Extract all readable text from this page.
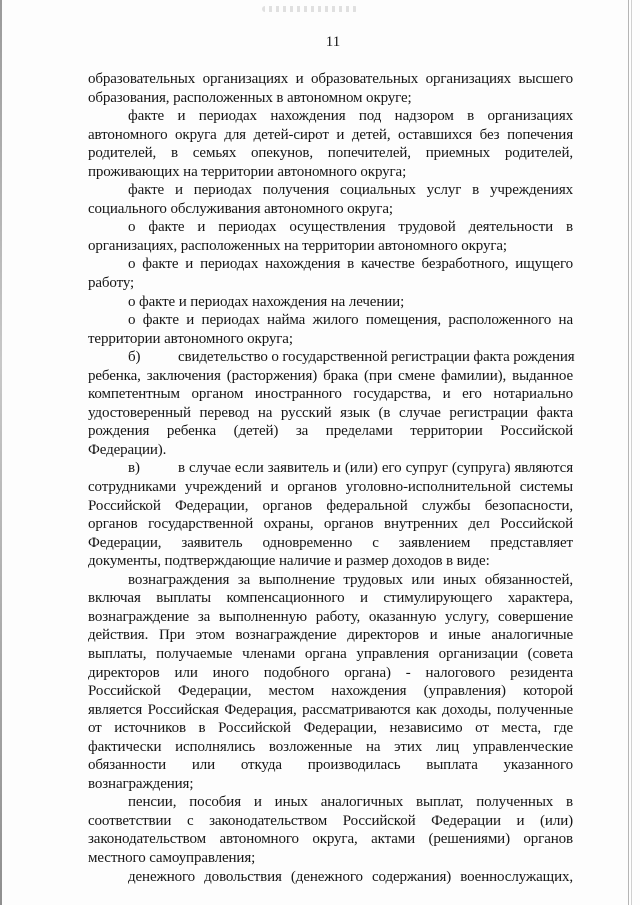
11
образовательных организациях и образовательных организациях высшего
образования, расположенных в автономном округе;
факте и периодах нахождения под надзором в организациях
автономного округа для детей-сирот и детей, оставшихся без попечения
родителей, в семьях опекунов, попечителей, приемных родителей,
проживающих на территории автономного округа;
факте и периодах получения социальных услуг в учреждениях
социального обслуживания автономного округа;
о факте и периодах осуществления трудовой деятельности в
организациях, расположенных на территории автономного округа;
о факте и периодах нахождения в качестве безработного, ищущего
работу;
о факте и периодах нахождения на лечении;
о факте и периодах найма жилого помещения, расположенного на
территории автономного округа;
б)	свидетельство о государственной регистрации факта рождения
ребенка, заключения (расторжения) брака (при смене фамилии), выданное
компетентным органом иностранного государства, и его нотариально
удостоверенный перевод на русский язык (в случае регистрации факта
рождения ребенка (детей) за пределами территории Российской
Федерации).
в)	в случае если заявитель и (или) его супруг (супруга) являются
сотрудниками учреждений и органов уголовно-исполнительной системы
Российской Федерации, органов федеральной службы безопасности,
органов государственной охраны, органов внутренних дел Российской
Федерации, заявитель одновременно с заявлением представляет
документы, подтверждающие наличие и размер доходов в виде:
вознаграждения за выполнение трудовых или иных обязанностей,
включая выплаты компенсационного и стимулирующего характера,
вознаграждение за выполненную работу, оказанную услугу, совершение
действия. При этом вознаграждение директоров и иные аналогичные
выплаты, получаемые членами органа управления организации (совета
директоров или иного подобного органа) - налогового резидента
Российской Федерации, местом нахождения (управления) которой
является Российская Федерация, рассматриваются как доходы, полученные
от источников в Российской Федерации, независимо от места, где
фактически исполнялись возложенные на этих лиц управленческие
обязанности или откуда производилась выплата указанного
вознаграждения;
пенсии, пособия и иных аналогичных выплат, полученных в
соответствии с законодательством Российской Федерации и (или)
законодательством автономного округа, актами (решениями) органов
местного самоуправления;
денежного довольствия (денежного содержания) военнослужащих,
